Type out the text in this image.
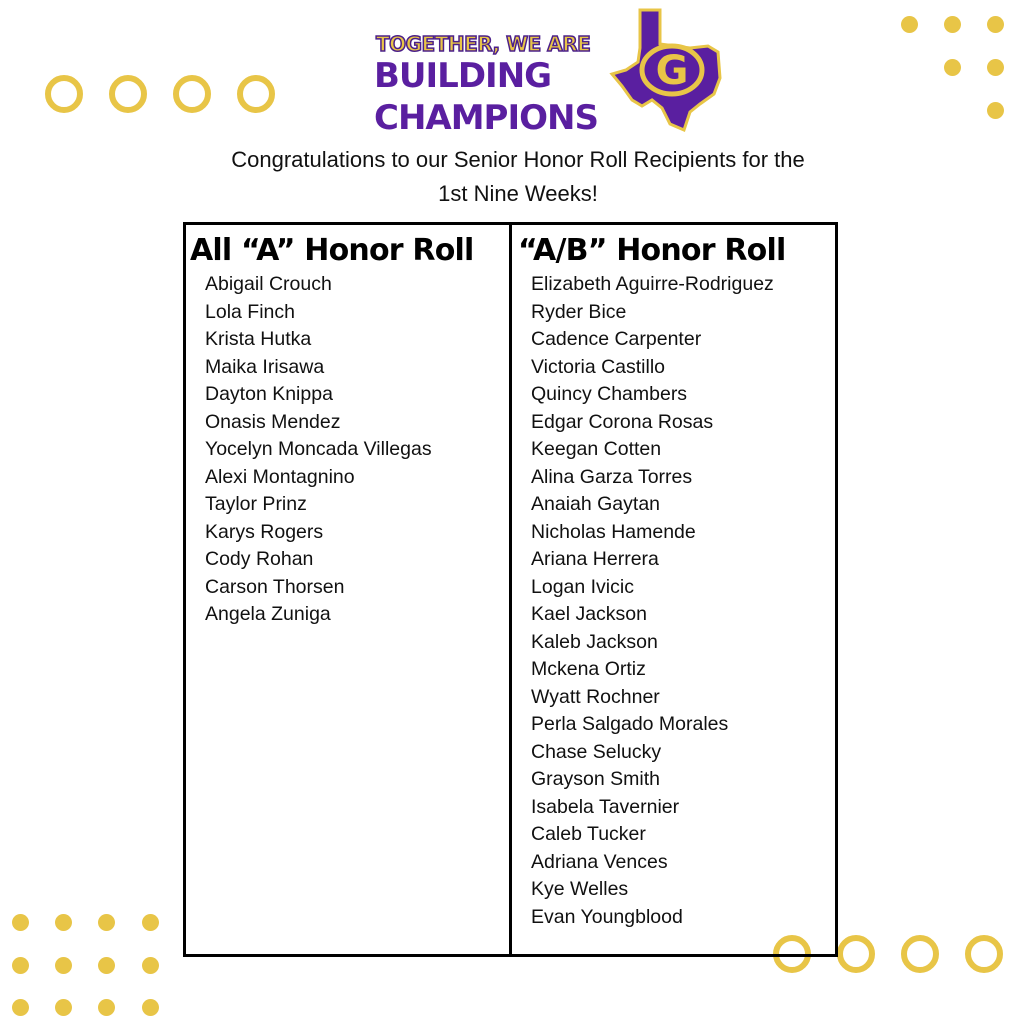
TOGETHER, WE ARE
BUILDING
CHAMPIONS
G
Congratulations to our Senior Honor Roll Recipients for the
1st Nine Weeks!
All “A” Honor Roll
Abigail Crouch
Lola Finch
Krista Hutka
Maika Irisawa
Dayton Knippa
Onasis Mendez
Yocelyn Moncada Villegas
Alexi Montagnino
Taylor Prinz
Karys Rogers
Cody Rohan
Carson Thorsen
Angela Zuniga
“A/B” Honor Roll
Elizabeth Aguirre-Rodriguez
Ryder Bice
Cadence Carpenter
Victoria Castillo
Quincy Chambers
Edgar Corona Rosas
Keegan Cotten
Alina Garza Torres
Anaiah Gaytan
Nicholas Hamende
Ariana Herrera
Logan Ivicic
Kael Jackson
Kaleb Jackson
Mckena Ortiz
Wyatt Rochner
Perla Salgado Morales
Chase Selucky
Grayson Smith
Isabela Tavernier
Caleb Tucker
Adriana Vences
Kye Welles
Evan Youngblood
